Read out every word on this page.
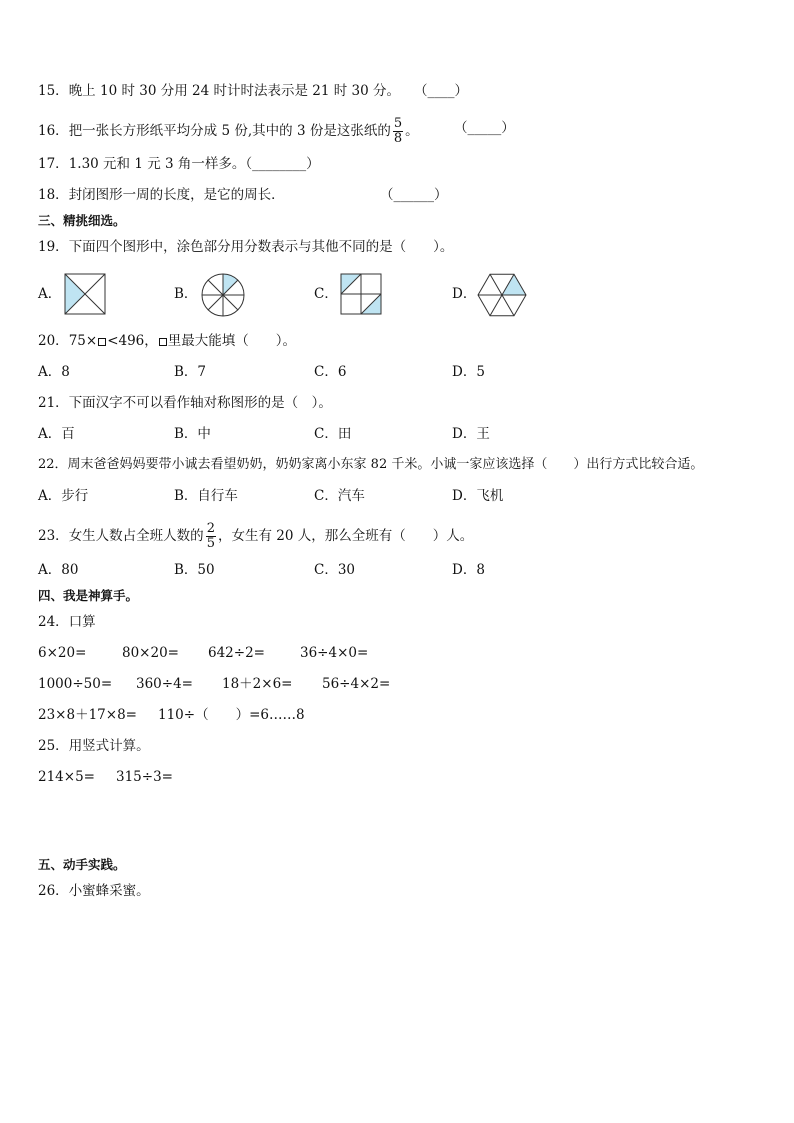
15．晚上 10 时 30 分用 24 时计时法表示是 21 时 30 分。 （____）
16．把一张长方形纸平均分成 5 份,其中的 3 份是这张纸的 $\frac{5}{8}$ 。	（_____）
17．1.30 元和 1 元 3 角一样多。（________）
18．封闭图形一周的长度，是它的周长．	（______）
三、精挑细选。
19．下面四个图形中，涂色部分用分数表示与其他不同的是（　　）。
A．	B．	C．	D．
20．75× <496， 里最大能填（　　）。
A．8	B．7	C．6	D．5
21．下面汉字不可以看作轴对称图形的是（　）。
A．百	B．中	C．田	D．王
22．周末爸爸妈妈要带小诚去看望奶奶，奶奶家离小东家 82 千米。小诚一家应该选择（　　）出行方式比较合适。
A．步行	B．自行车	C．汽车	D．飞机
23．女生人数占全班人数的 $\frac{2}{5}$ ，女生有 20 人，那么全班有（　　）人。
A．80	B．50	C．30	D．8
四、我是神算手。
24．口算
6×20=	80×20= 642÷2=	36÷4×0=
1000÷50= 360÷4= 18＋2×6= 56÷4×2=
23×8＋17×8= 110÷（　　）=6……8
25．用竖式计算。
214×5= 315÷3=
五、动手实践。
26．小蜜蜂采蜜。
